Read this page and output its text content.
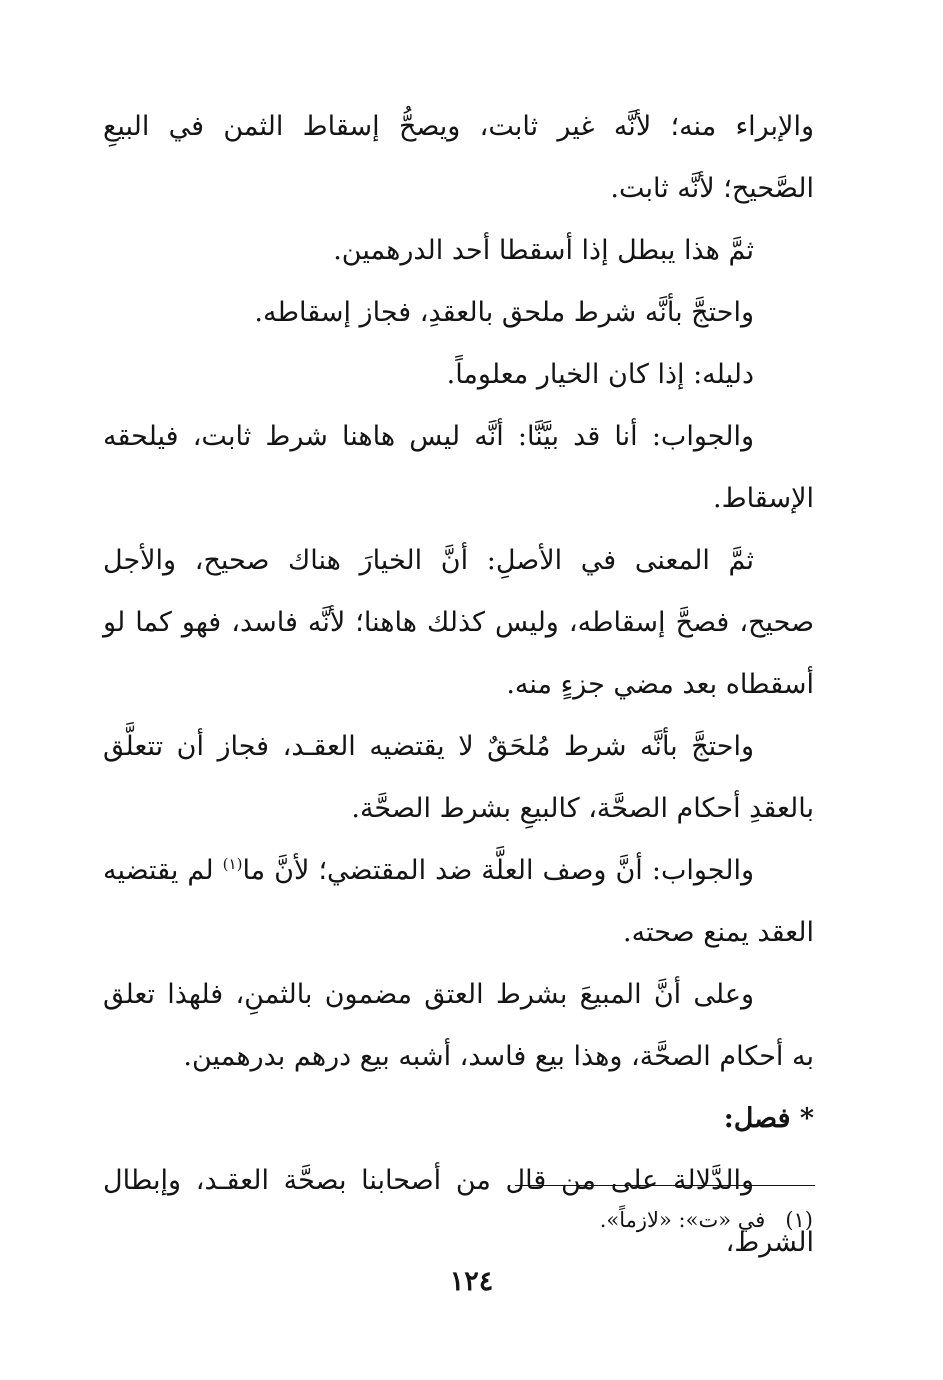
والإبراء منه؛ لأنَّه غير ثابت، ويصحُّ إسقاط الثمن في البيعِ الصَّحيح؛ لأنَّه ثابت.

ثمَّ هذا يبطل إذا أسقطا أحد الدرهمين.

واحتجَّ بأنَّه شرط ملحق بالعقدِ، فجاز إسقاطه.

دليله: إذا كان الخيار معلوماً.

والجواب: أنا قد بيَّنَّا: أنَّه ليس هاهنا شرط ثابت، فيلحقه الإسقاط.

ثمَّ المعنى في الأصلِ: أنَّ الخيارَ هناك صحيح، والأجل صحيح، فصحَّ إسقاطه، وليس كذلك هاهنا؛ لأنَّه فاسد، فهو كما لو أسقطاه بعد مضي جزءٍ منه.

واحتجَّ بأنَّه شرط مُلحَقٌ لا يقتضيه العقـد، فجاز أن تتعلَّق بالعقدِ أحكام الصحَّة، كالبيعِ بشرط الصحَّة.

والجواب: أنَّ وصف العلَّة ضد المقتضي؛ لأنَّ ما$^{(١)}$ لم يقتضيه العقد يمنع صحته.

وعلى أنَّ المبيعَ بشرط العتق مضمون بالثمنِ، فلهذا تعلق به أحكام الصحَّة، وهذا بيع فاسد، أشبه بيع درهم بدرهمين.

* فصل:

والدَّلالة على من قال من أصحابنا بصحَّة العقـد، وإبطال الشرط،

(١)في «ت»: «لازماً».

١٢٤
